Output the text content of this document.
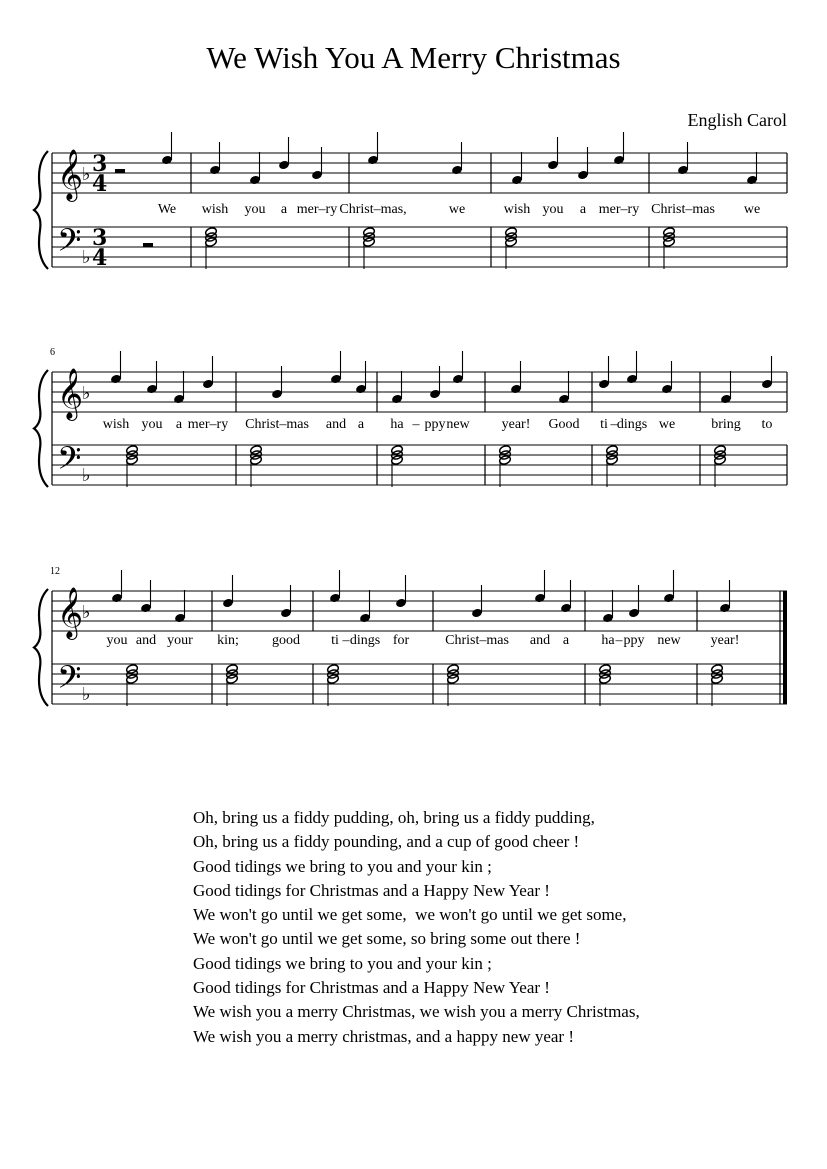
We Wish You A Merry Christmas
English Carol
𝄞
𝄢
♭
♭
3
3
4
4
𝄞
𝄢
♭
♭
𝄞
𝄢
♭
♭
We wish you a mer–ry Christ–mas,	we	wish you a mer–ry Christ–mas we
wish you a mer–ry Christ–mas and a ha – ppy new year! Good ti – dings we	bring to
you and your kin; good ti – dings for	Christ–mas and a ha – ppy new year!
6
12
Oh, bring us a fiddy pudding, oh, bring us a fiddy pudding,
Oh, bring us a fiddy pounding, and a cup of good cheer !
Good tidings we bring to you and your kin ;
Good tidings for Christmas and a Happy New Year !
We won't go until we get some,  we won't go until we get some,
We won't go until we get some, so bring some out there !
Good tidings we bring to you and your kin ;
Good tidings for Christmas and a Happy New Year !
We wish you a merry Christmas, we wish you a merry Christmas,
We wish you a merry christmas, and a happy new year !
